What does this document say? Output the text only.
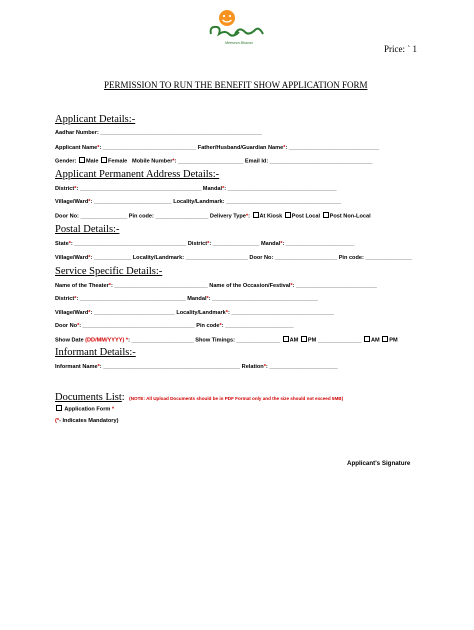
Meeseva Bhavan
Price: ` 1
PERMISSION TO RUN THE BENEFIT SHOW APPLICATION FORM
Applicant Details:-
Aadhar Number: ____________________________________________________
Applicant Name*: ______________________________ Father/Husband/Guardian Name*: _____________________________
Gender: Male Female Mobile Number*: _____________________ Email Id: _________________________________
Applicant Permanent Address Details:-
District*: _______________________________________ Mandal*: ___________________________________
Village/Ward*: _________________________ Locality/Landmark: _____________________________________
Door No: _______________ Pin code: _________________ Delivery Type*: At Kiosk Post Local Post Non-Local
Postal Details:-
State*: ____________________________________ District*: _______________ Mandal*: ______________________
Village/Ward*: ____________ Locality/Landmark: ____________________ Door No: ____________________ Pin code: _______________
Service Specific Details:-
Name of the Theater*: ______________________________ Name of the Occasion/Festival*: __________________________
District*: __________________________________ Mandal*: __________________________________
Village/Ward*: __________________________ Locality/Landmark*: _________________________________
Door No*: ____________________________________ Pin code*: ______________________
Show Date (DD/MM/YYYY) *: ____________________ Show Timings: ______________ AM PM ______________ AM PM
Informant Details:-
Informant Name*: ____________________________________________ Relation*: ______________________
Documents List: (NOTE: All Upload Documents should be in PDF Format only and the size should not exceed 5MB)
Application Form *
(*- Indicates Mandatory)
Applicant's Signature
